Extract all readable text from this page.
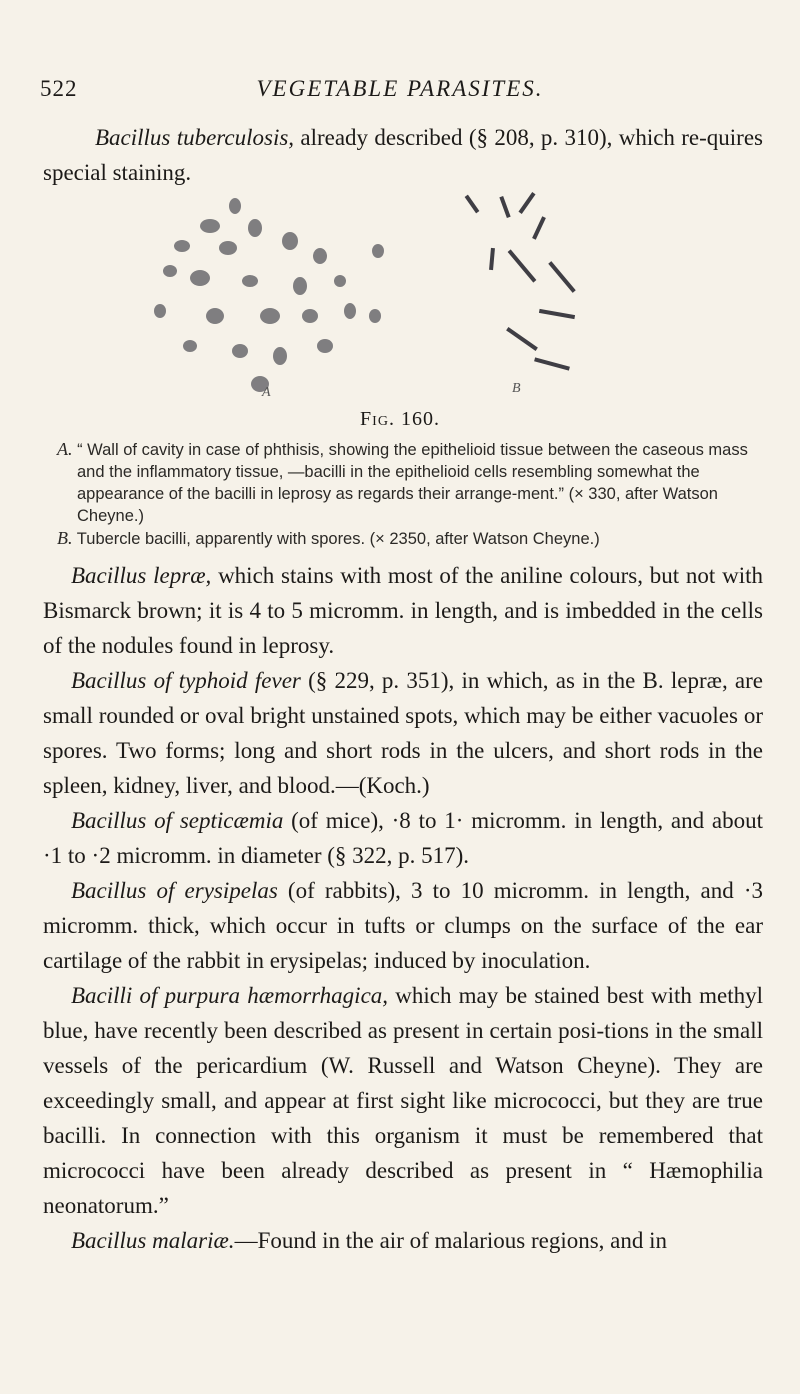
522	VEGETABLE PARASITES.

Bacillus tuberculosis, already described (§ 208, p. 310), which re-quires special staining.

A	B
Fig. 160.

A. “ Wall of cavity in case of phthisis, showing the epithelioid tissue between the caseous mass and the inflammatory tissue, —bacilli in the epithelioid cells resembling somewhat the appearance of the bacilli in leprosy as regards their arrange-ment.” (× 330, after Watson Cheyne.)

B. Tubercle bacilli, apparently with spores. (× 2350, after Watson Cheyne.)

Bacillus lepræ, which stains with most of the aniline colours, but not with Bismarck brown; it is 4 to 5 micromm. in length, and is imbedded in the cells of the nodules found in leprosy.

Bacillus of typhoid fever (§ 229, p. 351), in which, as in the B. lepræ, are small rounded or oval bright unstained spots, which may be either vacuoles or spores. Two forms; long and short rods in the ulcers, and short rods in the spleen, kidney, liver, and blood.—(Koch.)

Bacillus of septicæmia (of mice), ·8 to 1· micromm. in length, and about ·1 to ·2 micromm. in diameter (§ 322, p. 517).

Bacillus of erysipelas (of rabbits), 3 to 10 micromm. in length, and ·3 micromm. thick, which occur in tufts or clumps on the surface of the ear cartilage of the rabbit in erysipelas; induced by inoculation.

Bacilli of purpura hæmorrhagica, which may be stained best with methyl blue, have recently been described as present in certain posi-tions in the small vessels of the pericardium (W. Russell and Watson Cheyne). They are exceedingly small, and appear at first sight like micrococci, but they are true bacilli. In connection with this organism it must be remembered that micrococci have been already described as present in “ Hæmophilia neonatorum.”

Bacillus malariæ.—Found in the air of malarious regions, and in
